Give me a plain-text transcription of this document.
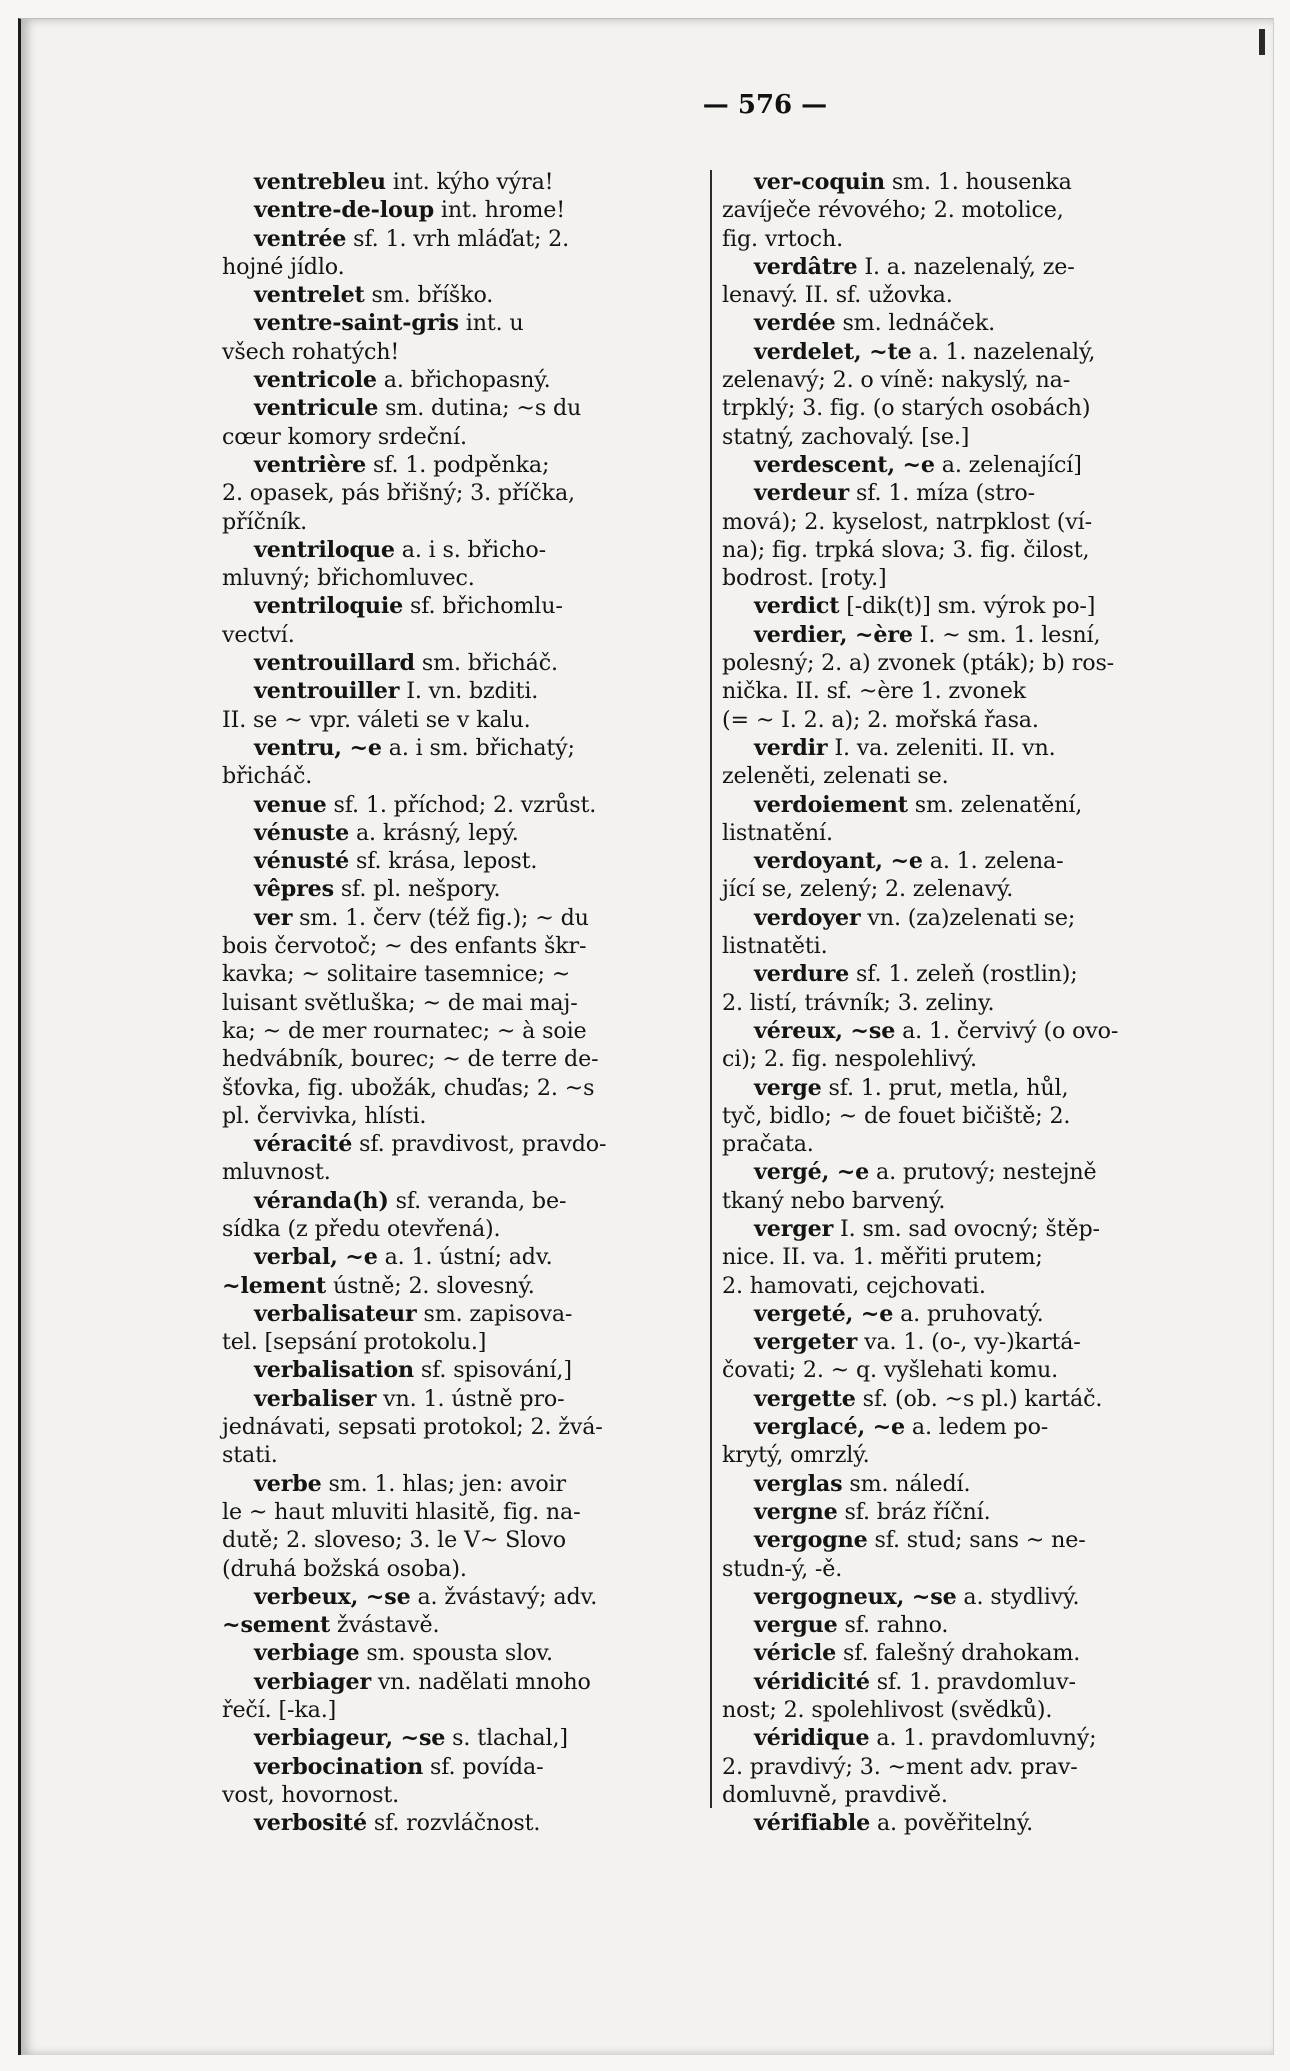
— 576 —
ventrebleu int. kýho výra!
ventre-de-loup int. hrome!
ventrée sf. 1. vrh mláďat; 2.
hojné jídlo.
ventrelet sm. bříško.
ventre-saint-gris int. u
všech rohatých!
ventricole a. břichopasný.
ventricule sm. dutina; ~s du
cœur komory srdeční.
ventrière sf. 1. podpěnka;
2. opasek, pás břišný; 3. příčka,
příčník.
ventriloque a. i s. břicho-
mluvný; břichomluvec.
ventriloquie sf. břichomlu-
vectví.
ventrouillard sm. břicháč.
ventrouiller I. vn. bzditi.
II. se ~ vpr. váleti se v kalu.
ventru, ~e a. i sm. břichatý;
břicháč.
venue sf. 1. příchod; 2. vzrůst.
vénuste a. krásný, lepý.
vénusté sf. krása, lepost.
vêpres sf. pl. nešpory.
ver sm. 1. červ (též fig.); ~ du
bois červotoč; ~ des enfants škr-
kavka; ~ solitaire tasemnice; ~
luisant světluška; ~ de mai maj-
ka; ~ de mer rournatec; ~ à soie
hedvábník, bourec; ~ de terre de-
šťovka, fig. ubožák, chuďas; 2. ~s
pl. červivka, hlísti.
véracité sf. pravdivost, pravdo-
mluvnost.
véranda(h) sf. veranda, be-
sídka (z předu otevřená).
verbal, ~e a. 1. ústní; adv.
~lement ústně; 2. slovesný.
verbalisateur sm. zapisova-
tel. [sepsání protokolu.]
verbalisation sf. spisování,]
verbaliser vn. 1. ústně pro-
jednávati, sepsati protokol; 2. žvá-
stati.
verbe sm. 1. hlas; jen: avoir
le ~ haut mluviti hlasitě, fig. na-
dutě; 2. sloveso; 3. le V~ Slovo
(druhá božská osoba).
verbeux, ~se a. žvástavý; adv.
~sement žvástavě.
verbiage sm. spousta slov.
verbiager vn. nadělati mnoho
řečí. [-ka.]
verbiageur, ~se s. tlachal,]
verbocination sf. povída-
vost, hovornost.
verbosité sf. rozvláčnost.
ver-coquin sm. 1. housenka
zavíječe révového; 2. motolice,
fig. vrtoch.
verdâtre I. a. nazelenalý, ze-
lenavý. II. sf. užovka.
verdée sm. lednáček.
verdelet, ~te a. 1. nazelenalý,
zelenavý; 2. o víně: nakyslý, na-
trpklý; 3. fig. (o starých osobách)
statný, zachovalý. [se.]
verdescent, ~e a. zelenající]
verdeur sf. 1. míza (stro-
mová); 2. kyselost, natrpklost (ví-
na); fig. trpká slova; 3. fig. čilost,
bodrost. [roty.]
verdict [-dik(t)] sm. výrok po-]
verdier, ~ère I. ~ sm. 1. lesní,
polesný; 2. a) zvonek (pták); b) ros-
nička. II. sf. ~ère 1. zvonek
(= ~ I. 2. a); 2. mořská řasa.
verdir I. va. zeleniti. II. vn.
zeleněti, zelenati se.
verdoiement sm. zelenatění,
listnatění.
verdoyant, ~e a. 1. zelena-
jící se, zelený; 2. zelenavý.
verdoyer vn. (za)zelenati se;
listnatěti.
verdure sf. 1. zeleň (rostlin);
2. listí, trávník; 3. zeliny.
véreux, ~se a. 1. červivý (o ovo-
ci); 2. fig. nespolehlivý.
verge sf. 1. prut, metla, hůl,
tyč, bidlo; ~ de fouet bičiště; 2.
pračata.
vergé, ~e a. prutový; nestejně
tkaný nebo barvený.
verger I. sm. sad ovocný; štěp-
nice. II. va. 1. měřiti prutem;
2. hamovati, cejchovati.
vergeté, ~e a. pruhovatý.
vergeter va. 1. (o-, vy-)kartá-
čovati; 2. ~ q. vyšlehati komu.
vergette sf. (ob. ~s pl.) kartáč.
verglacé, ~e a. ledem po-
krytý, omrzlý.
verglas sm. náledí.
vergne sf. bráz říční.
vergogne sf. stud; sans ~ ne-
studn-ý, -ě.
vergogneux, ~se a. stydlivý.
vergue sf. rahno.
véricle sf. falešný drahokam.
véridicité sf. 1. pravdomluv-
nost; 2. spolehlivost (svědků).
véridique a. 1. pravdomluvný;
2. pravdivý; 3. ~ment adv. prav-
domluvně, pravdivě.
vérifiable a. pověřitelný.
